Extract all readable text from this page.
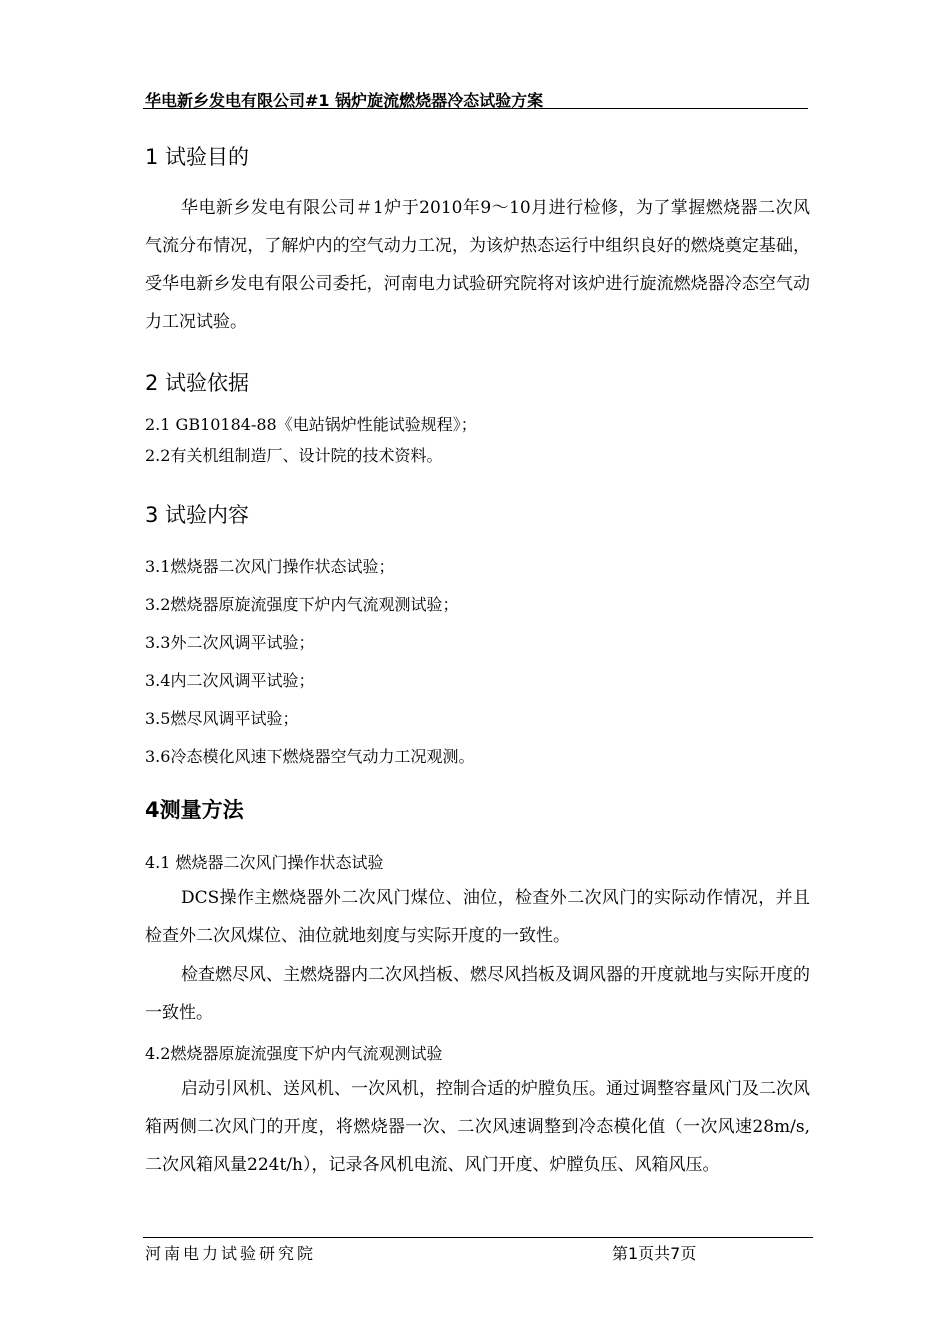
华电新乡发电有限公司#1 锅炉旋流燃烧器冷态试验方案
1 试验目的

华电新乡发电有限公司＃1炉于2010年9～10月进行检修，为了掌握燃烧器二次风气流分布情况，了解炉内的空气动力工况，为该炉热态运行中组织良好的燃烧奠定基础，受华电新乡发电有限公司委托，河南电力试验研究院将对该炉进行旋流燃烧器冷态空气动力工况试验。

2 试验依据
2.1 GB10184-88《电站锅炉性能试验规程》；
2.2有关机组制造厂、设计院的技术资料。
3 试验内容
3.1燃烧器二次风门操作状态试验；
3.2燃烧器原旋流强度下炉内气流观测试验；
3.3外二次风调平试验；
3.4内二次风调平试验；
3.5燃尽风调平试验；
3.6冷态模化风速下燃烧器空气动力工况观测。
4测量方法
4.1 燃烧器二次风门操作状态试验

DCS操作主燃烧器外二次风门煤位、油位，检查外二次风门的实际动作情况，并且检查外二次风煤位、油位就地刻度与实际开度的一致性。

检查燃尽风、主燃烧器内二次风挡板、燃尽风挡板及调风器的开度就地与实际开度的一致性。

4.2燃烧器原旋流强度下炉内气流观测试验

启动引风机、送风机、一次风机，控制合适的炉膛负压。通过调整容量风门及二次风箱两侧二次风门的开度，将燃烧器一次、二次风速调整到冷态模化值（一次风速28m/s,二次风箱风量224t/h），记录各风机电流、风门开度、炉膛负压、风箱风压。

河南电力试验研究院	第1页共7页
